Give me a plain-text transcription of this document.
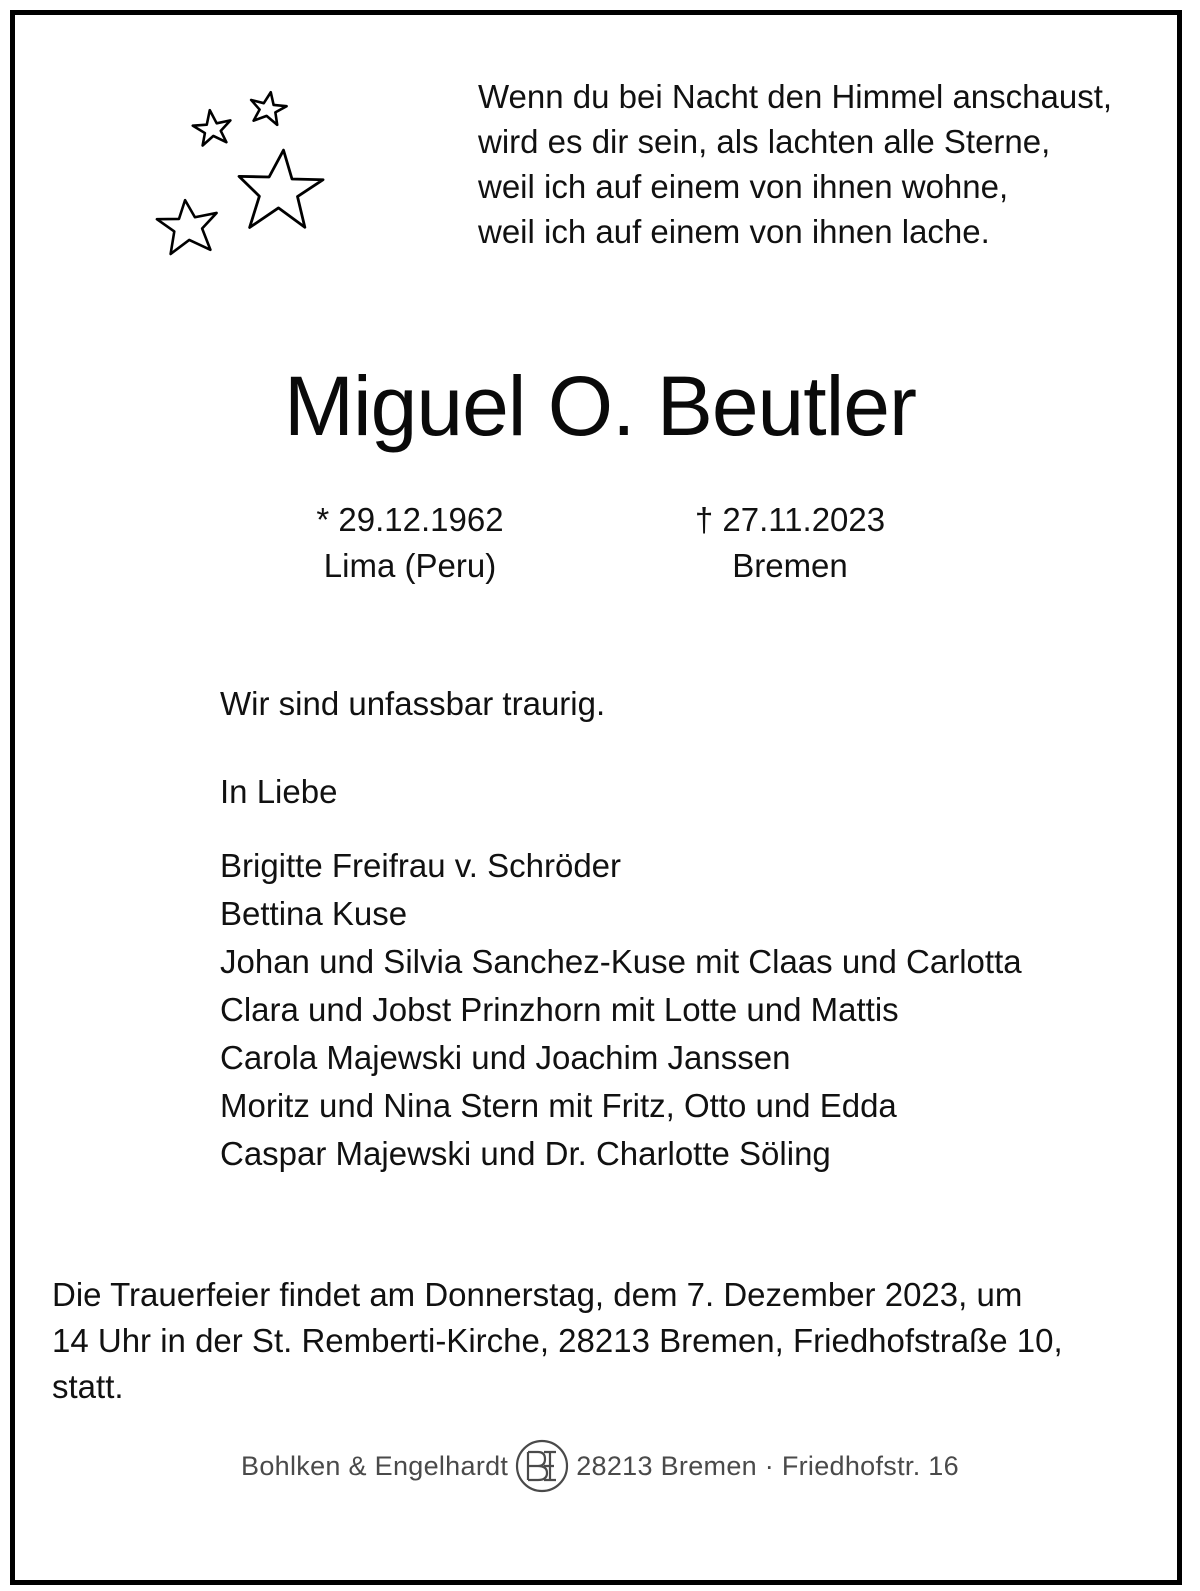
Wenn du bei Nacht den Himmel anschaust,
wird es dir sein, als lachten alle Sterne,
weil ich auf einem von ihnen wohne,
weil ich auf einem von ihnen lache.
Miguel O. Beutler
* 29.12.1962
Lima (Peru)
† 27.11.2023
Bremen
Wir sind unfassbar traurig.
In Liebe
Brigitte Freifrau v. Schröder
Bettina Kuse
Johan und Silvia Sanchez-Kuse mit Claas und Carlotta
Clara und Jobst Prinzhorn mit Lotte und Mattis
Carola Majewski und Joachim Janssen
Moritz und Nina Stern mit Fritz, Otto und Edda
Caspar Majewski und Dr. Charlotte Söling
Die Trauerfeier findet am Donnerstag, dem 7. Dezember 2023, um
14 Uhr in der St. Remberti-Kirche, 28213 Bremen, Friedhofstraße 10,
statt.
Bohlken & Engelhardt	28213 Bremen · Friedhofstr. 16
